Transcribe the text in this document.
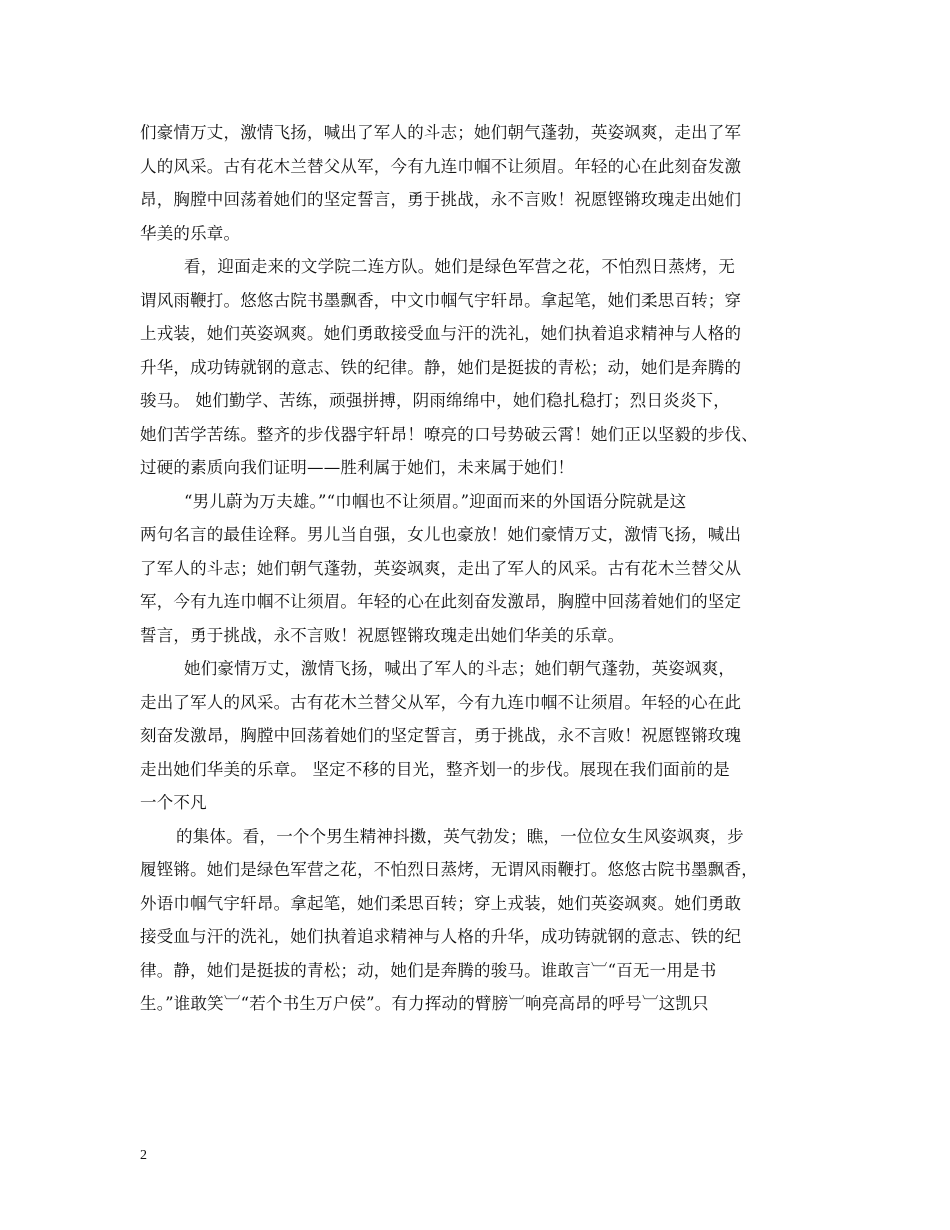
们豪情万丈，激情飞扬，喊出了军人的斗志；她们朝气蓬勃，英姿飒爽，走出了军
人的风采。古有花木兰替父从军，今有九连巾帼不让须眉。年轻的心在此刻奋发激
昂，胸膛中回荡着她们的坚定誓言，勇于挑战，永不言败！祝愿铿锵玫瑰走出她们
华美的乐章。
看，迎面走来的文学院二连方队。她们是绿色军营之花，不怕烈日蒸烤，无
谓风雨鞭打。悠悠古院书墨飘香，中文巾帼气宇轩昂。拿起笔，她们柔思百转；穿
上戎装，她们英姿飒爽。她们勇敢接受血与汗的洗礼，她们执着追求精神与人格的
升华，成功铸就钢的意志、铁的纪律。静，她们是挺拔的青松；动，她们是奔腾的
骏马。 她们勤学、苦练，顽强拼搏，阴雨绵绵中，她们稳扎稳打；烈日炎炎下，
她们苦学苦练。整齐的步伐器宇轩昂！嘹亮的口号势破云霄！她们正以坚毅的步伐、
过硬的素质向我们证明——胜利属于她们，未来属于她们！
“男儿蔚为万夫雄。”“巾帼也不让须眉。”迎面而来的外国语分院就是这
两句名言的最佳诠释。男儿当自强，女儿也豪放！她们豪情万丈，激情飞扬，喊出
了军人的斗志；她们朝气蓬勃，英姿飒爽，走出了军人的风采。古有花木兰替父从
军，今有九连巾帼不让须眉。年轻的心在此刻奋发激昂，胸膛中回荡着她们的坚定
誓言，勇于挑战，永不言败！祝愿铿锵玫瑰走出她们华美的乐章。
她们豪情万丈，激情飞扬，喊出了军人的斗志；她们朝气蓬勃，英姿飒爽，
走出了军人的风采。古有花木兰替父从军，今有九连巾帼不让须眉。年轻的心在此
刻奋发激昂，胸膛中回荡着她们的坚定誓言，勇于挑战，永不言败！祝愿铿锵玫瑰
走出她们华美的乐章。 坚定不移的目光，整齐划一的步伐。展现在我们面前的是
一个不凡
的集体。看，一个个男生精神抖擞，英气勃发；瞧，一位位女生风姿飒爽，步
履铿锵。她们是绿色军营之花，不怕烈日蒸烤，无谓风雨鞭打。悠悠古院书墨飘香，
外语巾帼气宇轩昂。拿起笔，她们柔思百转；穿上戎装，她们英姿飒爽。她们勇敢
接受血与汗的洗礼，她们执着追求精神与人格的升华，成功铸就钢的意志、铁的纪
律。静，她们是挺拔的青松；动，她们是奔腾的骏马。谁敢言︺“百无一用是书
生。”谁敢笑︺“若个书生万户侯”。有力挥动的臂膀︺响亮高昂的呼号︺这凯只
2
